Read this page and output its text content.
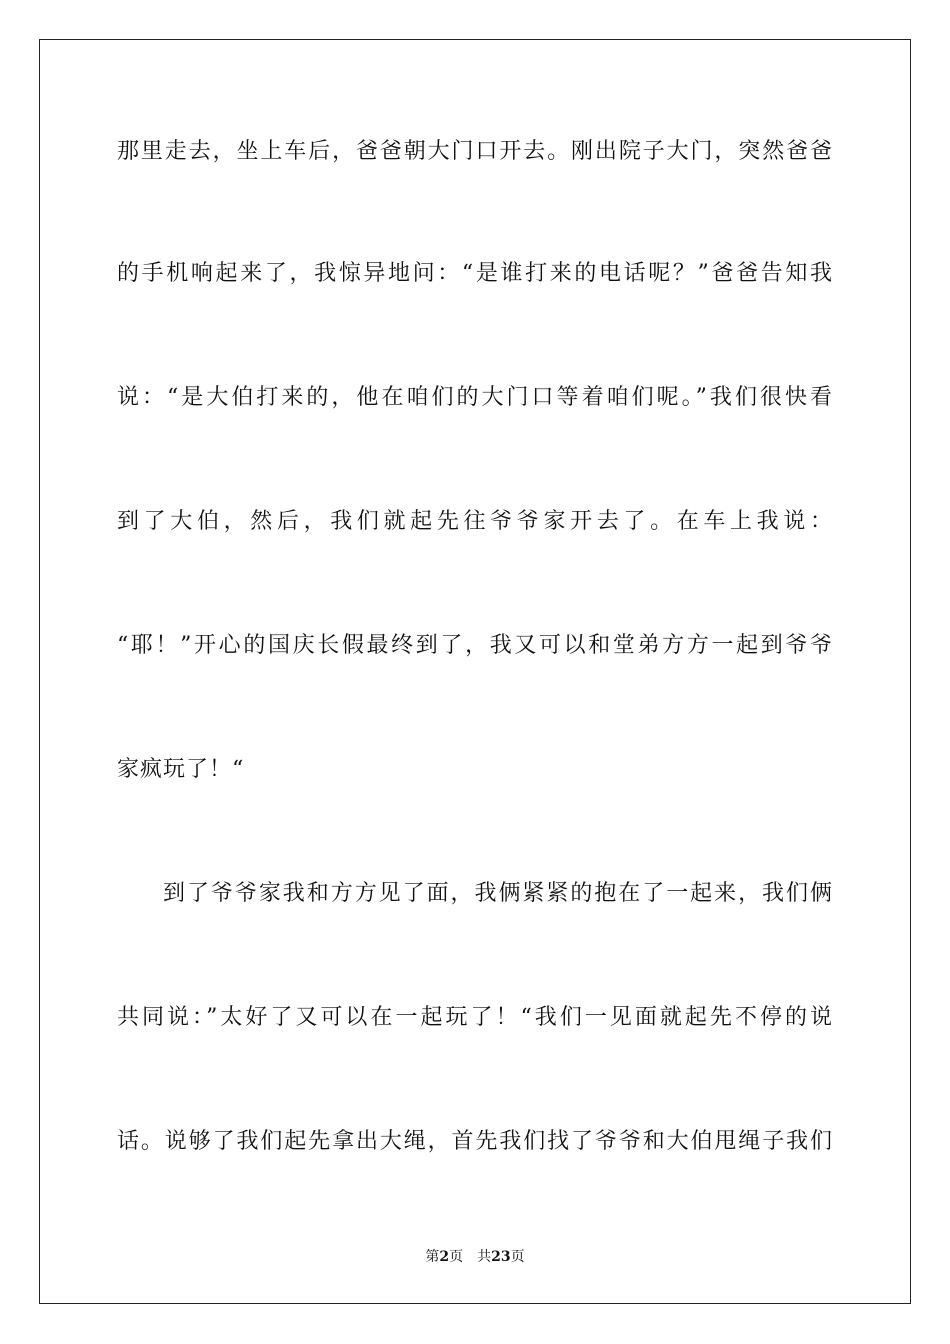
那里走去，坐上车后，爸爸朝大门口开去。刚出院子大门，突然爸爸
的手机响起来了，我惊异地问：“是谁打来的电话呢？”爸爸告知我
说：“是大伯打来的，他在咱们的大门口等着咱们呢。”我们很快看
到了大伯，然后，我们就起先往爷爷家开去了。在车上我说：
“耶！”开心的国庆长假最终到了，我又可以和堂弟方方一起到爷爷
家疯玩了！“
到了爷爷家我和方方见了面，我俩紧紧的抱在了一起来，我们俩
共同说：”太好了又可以在一起玩了！“我们一见面就起先不停的说
话。说够了我们起先拿出大绳，首先我们找了爷爷和大伯甩绳子我们
第2页 共23页
